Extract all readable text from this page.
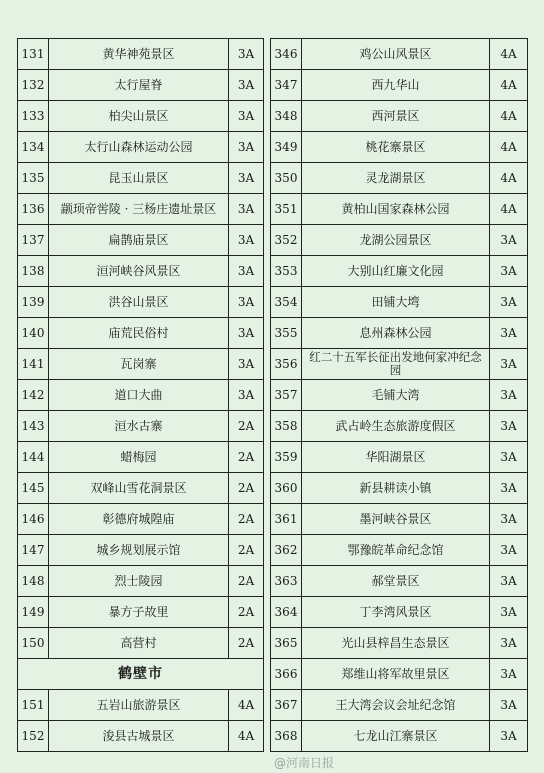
131	黄华神苑景区	3A
132	太行屋脊	3A
133	柏尖山景区	3A
134	太行山森林运动公园	3A
135	昆玉山景区	3A
136	颛顼帝喾陵 · 三杨庄遗址景区	3A
137	扁鹊庙景区	3A
138	洹河峡谷风景区	3A
139	洪谷山景区	3A
140	庙荒民俗村	3A
141	瓦岗寨	3A
142	道口大曲	3A
143	洹水古寨	2A
144	蜡梅园	2A
145	双峰山雪花洞景区	2A
146	彰德府城隍庙	2A
147	城乡规划展示馆	2A
148	烈士陵园	2A
149	暴方子故里	2A
150	高营村	2A
鹤壁市		
151	五岩山旅游景区	4A
152	浚县古城景区	4A
346	鸡公山风景区	4A
347	西九华山	4A
348	西河景区	4A
349	桃花寨景区	4A
350	灵龙湖景区	4A
351	黄柏山国家森林公园	4A
352	龙湖公园景区	3A
353	大别山红廉文化园	3A
354	田铺大塆	3A
355	息州森林公园	3A
356	红二十五军长征出发地何家冲纪念园	3A
357	毛铺大湾	3A
358	武占岭生态旅游度假区	3A
359	华阳湖景区	3A
360	新县耕读小镇	3A
361	墨河峡谷景区	3A
362	鄂豫皖革命纪念馆	3A
363	郝堂景区	3A
364	丁李湾风景区	3A
365	光山县梓昌生态景区	3A
366	郑维山将军故里景区	3A
367	王大湾会议会址纪念馆	3A
368	七龙山江寨景区	3A
@河南日报
